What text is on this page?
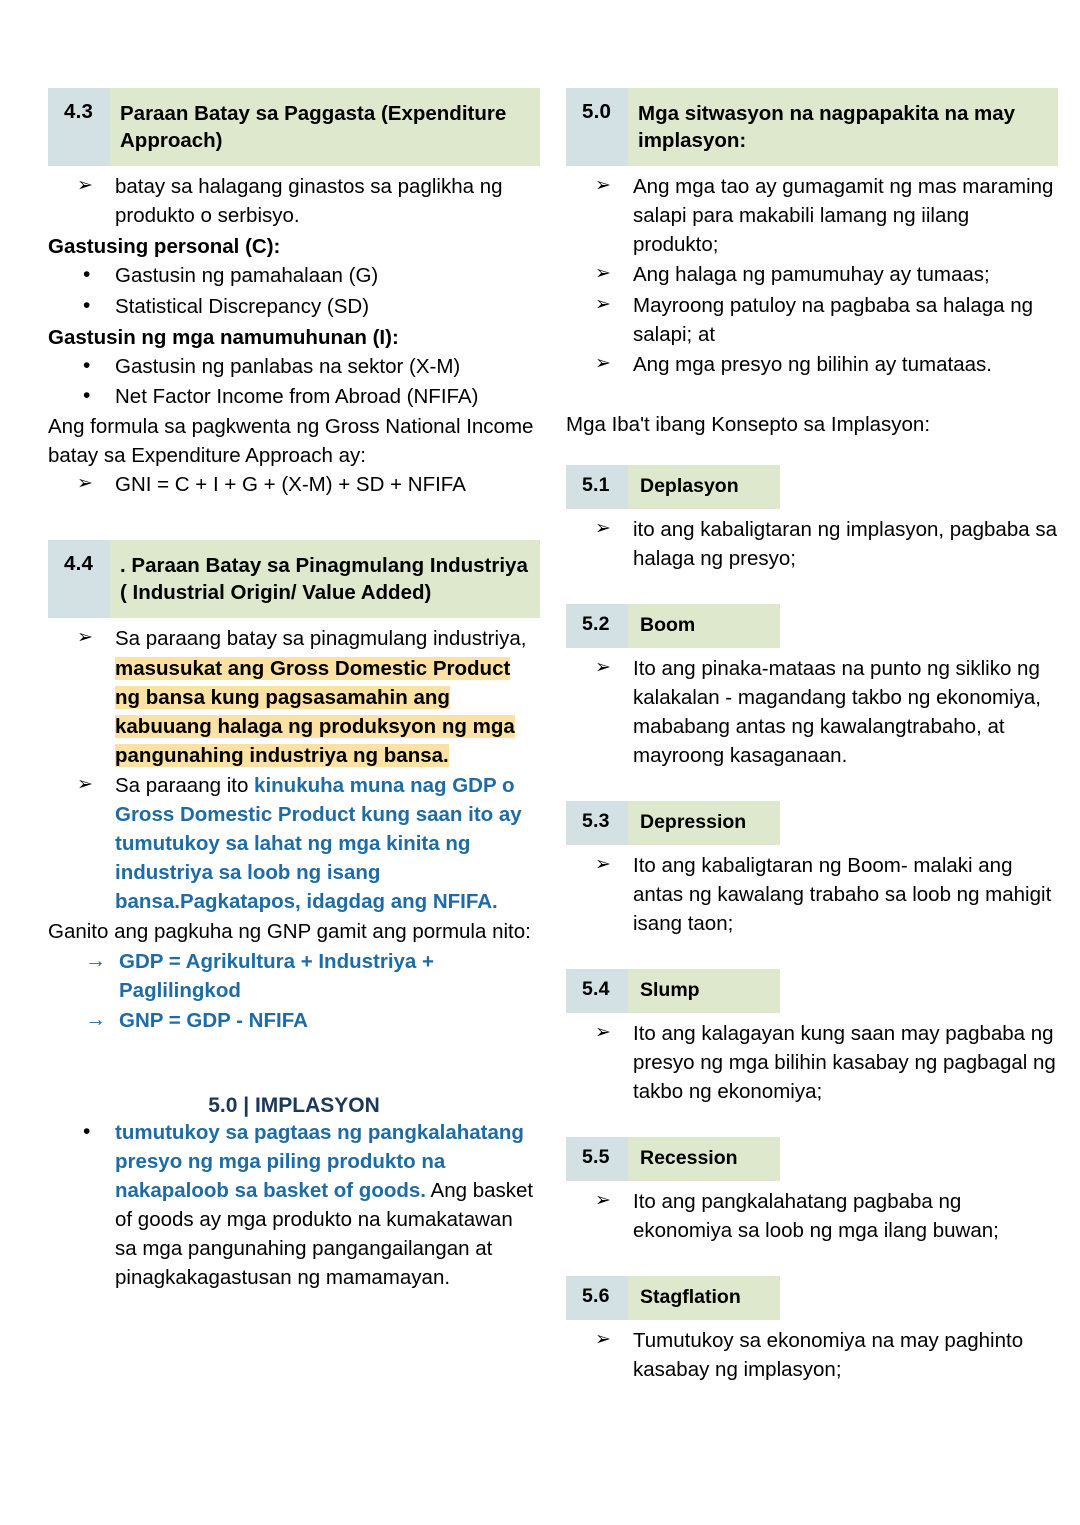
4.3	Paraan Batay sa Paggasta (Expenditure Approach)
➢ batay sa halagang ginastos sa paglikha ng produkto o serbisyo.

Gastusing personal (C):

• Gastusin ng pamahalaan (G)
• Statistical Discrepancy (SD)

Gastusin ng mga namumuhunan (I):

• Gastusin ng panlabas na sektor (X-M)
• Net Factor Income from Abroad (NFIFA)

Ang formula sa pagkwenta ng Gross National Income batay sa Expenditure Approach ay:

➢ GNI = C + I + G + (X-M) + SD + NFIFA
4.4	. Paraan Batay sa Pinagmulang Industriya ( Industrial Origin/ Value Added)
➢ Sa paraang batay sa pinagmulang industriya, masusukat ang Gross Domestic Product ng bansa kung pagsasamahin ang kabuuang halaga ng produksyon ng mga pangunahing industriya ng bansa.
➢ Sa paraang ito kinukuha muna nag GDP o Gross Domestic Product kung saan ito ay tumutukoy sa lahat ng mga kinita ng industriya sa loob ng isang bansa.Pagkatapos, idagdag ang NFIFA.

Ganito ang pagkuha ng GNP gamit ang pormula nito:

→ GDP = Agrikultura + Industriya + Paglilingkod
→ GNP = GDP - NFIFA

5.0 | IMPLASYON

• tumutukoy sa pagtaas ng pangkalahatang presyo ng mga piling produkto na nakapaloob sa basket of goods. Ang basket of goods ay mga produkto na kumakatawan sa mga pangunahing pangangailangan at pinagkakagastusan ng mamamayan.
5.0	Mga sitwasyon na nagpapakita na may implasyon:
➢ Ang mga tao ay gumagamit ng mas maraming salapi para makabili lamang ng iilang produkto;
➢ Ang halaga ng pamumuhay ay tumaas;
➢ Mayroong patuloy na pagbaba sa halaga ng salapi; at
➢ Ang mga presyo ng bilihin ay tumataas.

Mga Iba't ibang Konsepto sa Implasyon:

5.1	Deplasyon
➢ ito ang kabaligtaran ng implasyon, pagbaba sa halaga ng presyo;
5.2	Boom
➢ Ito ang pinaka-mataas na punto ng sikliko ng kalakalan - magandang takbo ng ekonomiya, mababang antas ng kawalangtrabaho, at mayroong kasaganaan.
5.3	Depression
➢ Ito ang kabaligtaran ng Boom- malaki ang antas ng kawalang trabaho sa loob ng mahigit isang taon;
5.4	Slump
➢ Ito ang kalagayan kung saan may pagbaba ng presyo ng mga bilihin kasabay ng pagbagal ng takbo ng ekonomiya;
5.5	Recession
➢ Ito ang pangkalahatang pagbaba ng ekonomiya sa loob ng mga ilang buwan;
5.6	Stagflation
➢ Tumutukoy sa ekonomiya na may paghinto kasabay ng implasyon;
